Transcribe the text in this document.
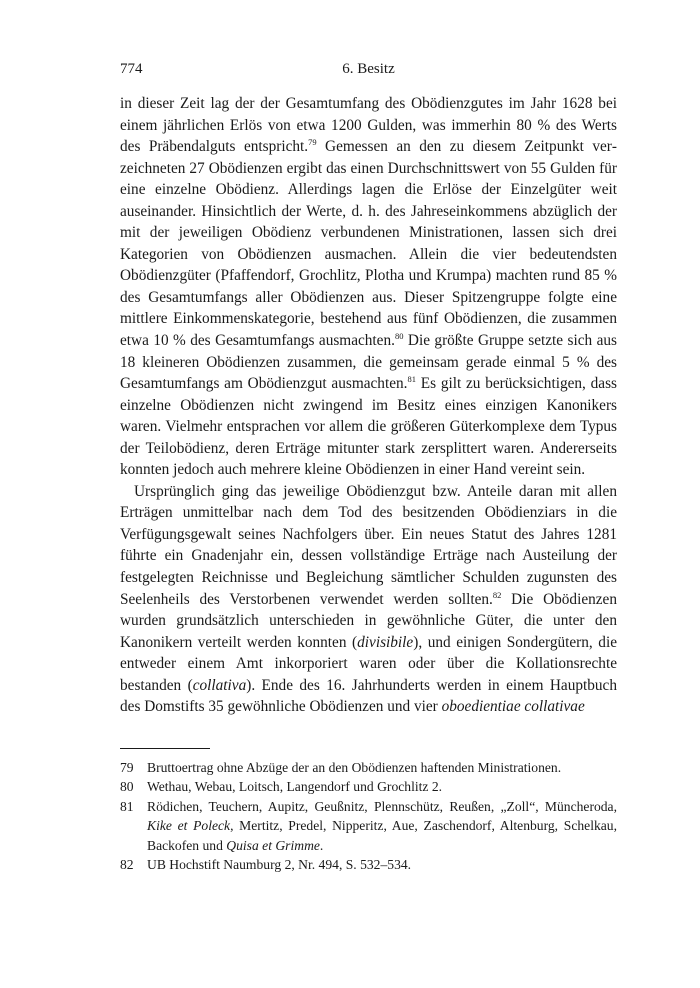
774	6. Besitz

in dieser Zeit lag der der Gesamtumfang des Obödienzgutes im Jahr 1628 bei einem jährlichen Erlös von etwa 1200 Gulden, was immerhin 80 % des Werts des Präbendalguts entspricht.$^{79}$ Gemessen an den zu diesem Zeitpunkt verzeichneten 27 Obödienzen ergibt das einen Durchschnittswert von 55 Gulden für eine einzelne Obödienz. Allerdings lagen die Erlöse der Einzelgüter weit auseinander. Hinsichtlich der Werte, d. h. des Jahreseinkommens abzüglich der mit der jeweiligen Obödienz verbundenen Ministrationen, lassen sich drei Kategorien von Obödienzen ausmachen. Allein die vier bedeutendsten Obödienzgüter (Pfaffendorf, Grochlitz, Plotha und Krumpa) machten rund 85 % des Gesamtumfangs aller Obödienzen aus. Dieser Spitzengruppe folgte eine mittlere Einkommenskategorie, bestehend aus fünf Obödienzen, die zusammen etwa 10 % des Gesamtumfangs ausmachten.$^{80}$ Die größte Gruppe setzte sich aus 18 kleineren Obödienzen zusammen, die gemeinsam gerade einmal 5 % des Gesamtumfangs am Obödienzgut ausmachten.$^{81}$ Es gilt zu berücksichtigen, dass einzelne Obödienzen nicht zwingend im Besitz eines einzigen Kanonikers waren. Vielmehr entsprachen vor allem die größeren Güterkomplexe dem Typus der Teilobödienz, deren Erträge mitunter stark zersplittert waren. Andererseits konnten jedoch auch mehrere kleine Obödienzen in einer Hand vereint sein.

Ursprünglich ging das jeweilige Obödienzgut bzw. Anteile daran mit allen Erträgen unmittelbar nach dem Tod des besitzenden Obödienziars in die Verfügungsgewalt seines Nachfolgers über. Ein neues Statut des Jahres 1281 führte ein Gnadenjahr ein, dessen vollständige Erträge nach Austeilung der festgelegten Reichnisse und Begleichung sämtlicher Schulden zugunsten des Seelenheils des Verstorbenen verwendet werden sollten.$^{82}$ Die Obödienzen wurden grundsätzlich unterschieden in gewöhnliche Güter, die unter den Kanonikern verteilt werden konnten (divisibile), und einigen Sondergütern, die entweder einem Amt inkorporiert waren oder über die Kollationsrechte bestanden (collativa). Ende des 16. Jahrhunderts werden in einem Hauptbuch des Domstifts 35 gewöhnliche Obödienzen und vier oboedientiae collativae

79 Bruttoertrag ohne Abzüge der an den Obödienzen haftenden Ministrationen.
80 Wethau, Webau, Loitsch, Langendorf und Grochlitz 2.
81 Rödichen, Teuchern, Aupitz, Geußnitz, Plennschütz, Reußen, „Zoll“, Müncheroda, Kike et Poleck, Mertitz, Predel, Nipperitz, Aue, Zaschendorf, Altenburg, Schelkau, Backofen und Quisa et Grimme.
82 UB Hochstift Naumburg 2, Nr. 494, S. 532–534.
